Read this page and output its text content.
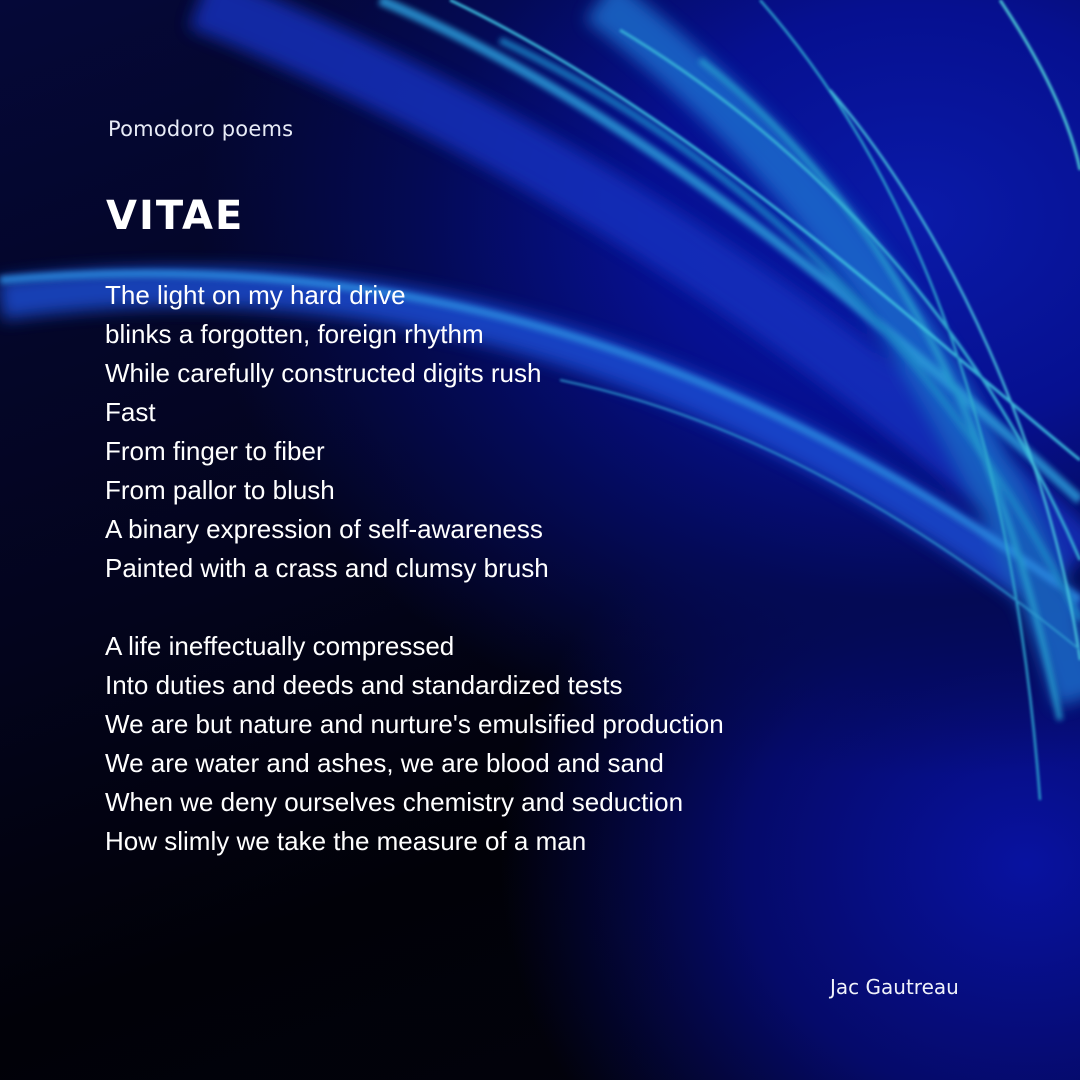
Pomodoro poems
VITAE
The light on my hard drive
blinks a forgotten, foreign rhythm
While carefully constructed digits rush
Fast
From finger to fiber
From pallor to blush
A binary expression of self-awareness
Painted with a crass and clumsy brush
A life ineffectually compressed
Into duties and deeds and standardized tests
We are but nature and nurture's emulsified production
We are water and ashes, we are blood and sand
When we deny ourselves chemistry and seduction
How slimly we take the measure of a man
Jac Gautreau
